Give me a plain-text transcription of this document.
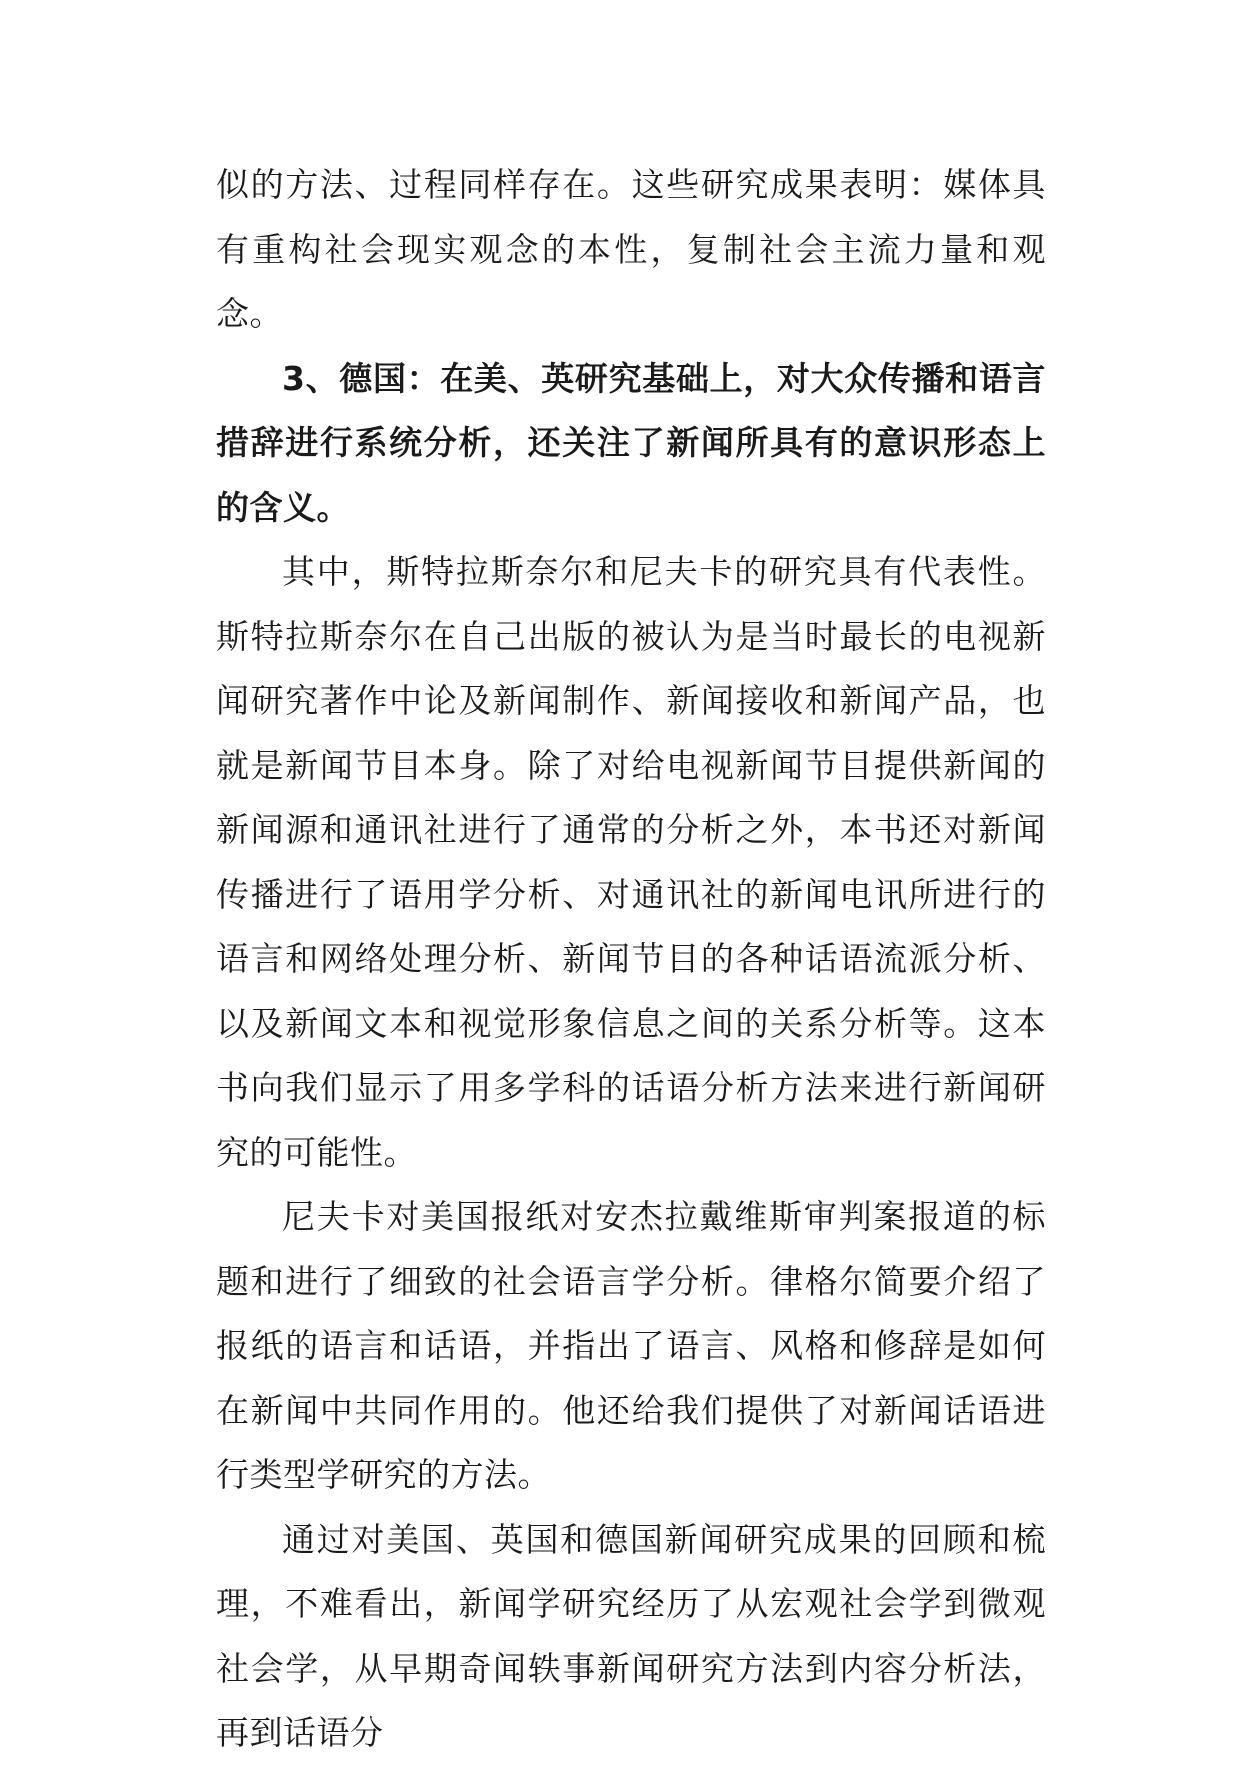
似的方法、过程同样存在。这些研究成果表明：媒体具有重构社会现实观念的本性，复制社会主流力量和观念。

3、德国：在美、英研究基础上，对大众传播和语言措辞进行系统分析，还关注了新闻所具有的意识形态上的含义。

其中，斯特拉斯奈尔和尼夫卡的研究具有代表性。斯特拉斯奈尔在自己出版的被认为是当时最长的电视新闻研究著作中论及新闻制作、新闻接收和新闻产品，也就是新闻节目本身。除了对给电视新闻节目提供新闻的新闻源和通讯社进行了通常的分析之外，本书还对新闻传播进行了语用学分析、对通讯社的新闻电讯所进行的语言和网络处理分析、新闻节目的各种话语流派分析、以及新闻文本和视觉形象信息之间的关系分析等。这本书向我们显示了用多学科的话语分析方法来进行新闻研究的可能性。

尼夫卡对美国报纸对安杰拉戴维斯审判案报道的标题和进行了细致的社会语言学分析。律格尔简要介绍了报纸的语言和话语，并指出了语言、风格和修辞是如何在新闻中共同作用的。他还给我们提供了对新闻话语进行类型学研究的方法。

通过对美国、英国和德国新闻研究成果的回顾和梳理，不难看出，新闻学研究经历了从宏观社会学到微观社会学，从早期奇闻轶事新闻研究方法到内容分析法，再到话语分
